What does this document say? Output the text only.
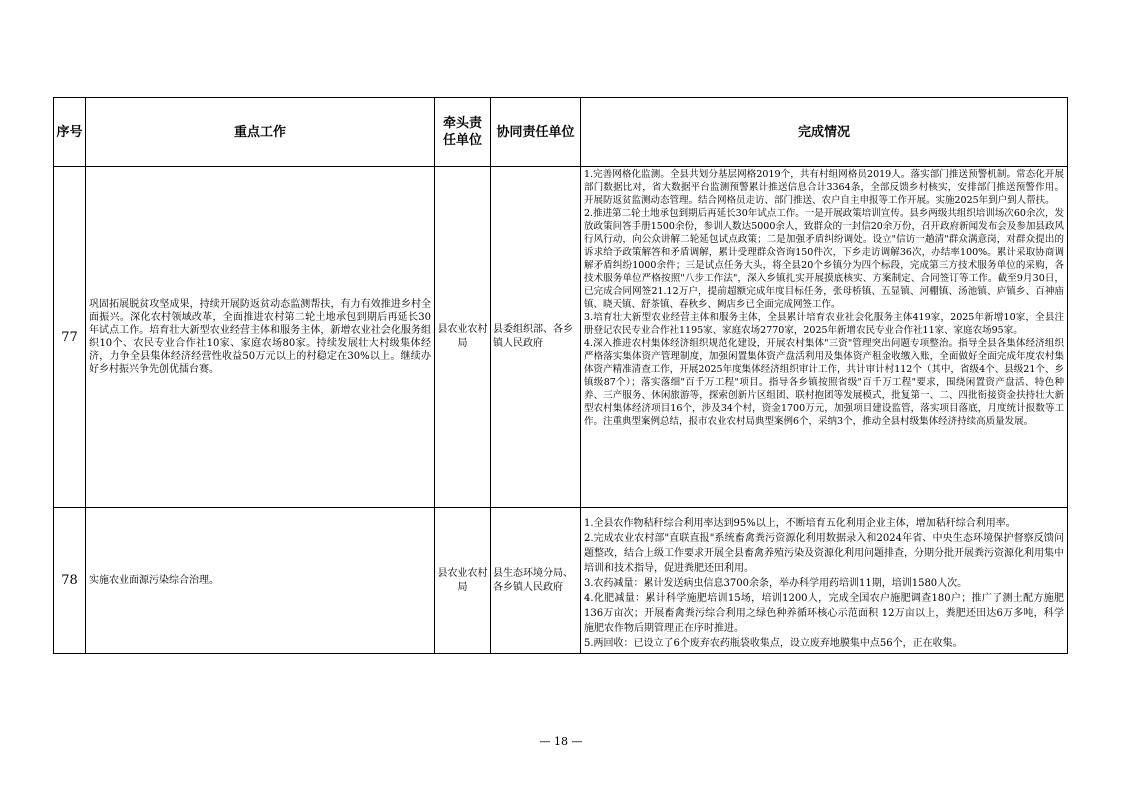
序号	重点工作	牵头责任单位	协同责任单位	完成情况
77	巩固拓展脱贫攻坚成果，持续开展防返贫动态监测帮扶，有力有效推进乡村全面振兴。深化农村领域改革，全面推进农村第二轮土地承包到期后再延长30年试点工作。培育壮大新型农业经营主体和服务主体，新增农业社会化服务组织10个、农民专业合作社10家、家庭农场80家。持续发展壮大村级集体经济，力争全县集体经济经营性收益50万元以上的村稳定在30%以上。继续办好乡村振兴争先创优擂台赛。	县农业农村局	县委组织部、各乡镇人民政府	1.完善网格化监测。全县共划分基层网格2019个，共有村组网格员2019人。落实部门推送预警机制。常态化开展部门数据比对，省大数据平台监测预警累计推送信息合计3364条，全部反馈乡村核实，安排部门推送预警作用。开展防返贫监测动态管理。结合网格员走访、部门推送、农户自主申报等工作开展。实施2025年到户到人帮扶。

2.推进第二轮土地承包到期后再延长30年试点工作。一是开展政策培训宣传。县乡两级共组织培训场次60余次，发放政策问答手册1500余份，参训人数达5000余人，致群众的一封信20余万份，召开政府新闻发布会及参加县政风行风行动，向公众讲解二轮延包试点政策；二是加强矛盾纠纷调处。设立"信访一趟清"群众满意岗，对群众提出的诉求给予政策解答和矛盾调解，累计受理群众咨询150件次，下乡走访调解36次，办结率100%。累计采取协商调解矛盾纠纷1000余件；三是试点任务大头，将全县20个乡镇分为四个标段，完成第三方技术服务单位的采购，各技术服务单位严格按照"八步工作法"，深入乡镇扎实开展摸底核实、方案制定、合同签订等工作。截至9月30日，已完成合同网签21.12万户，提前超额完成年度目标任务，张母桥镇、五显镇、河棚镇、汤池镇、庐镇乡、百神庙镇、晓天镇、舒茶镇、春秋乡、阙店乡已全面完成网签工作。

3.培育壮大新型农业经营主体和服务主体，全县累计培育农业社会化服务主体419家，2025年新增10家，全县注册登记农民专业合作社1195家、家庭农场2770家，2025年新增农民专业合作社11家、家庭农场95家。

4.深入推进农村集体经济组织规范化建设，开展农村集体"三资"管理突出问题专项整治。指导全县各集体经济组织严格落实集体资产管理制度，加强闲置集体资产盘活利用及集体资产租金收缴入账，全面做好全面完成年度农村集体资产精准清查工作，开展2025年度集体经济组织审计工作，共计审计村112个（其中，省级4个、县级21个、乡镇级87个）；落实落细"百千万工程"项目。指导各乡镇按照省级"百千万工程"要求，围绕闲置资产盘活、特色种养、三产服务、休闲旅游等，探索创新片区组团、联村抱团等发展模式，批复第一、二、四批衔接资金扶持壮大新型农村集体经济项目16个，涉及34个村，资金1700万元，加强项目建设监管，落实项目落底，月度统计报数等工作。注重典型案例总结，报市农业农村局典型案例6个，采纳3个，推动全县村级集体经济持续高质量发展。

78	实施农业面源污染综合治理。	县农业农村局	县生态环境分局、各乡镇人民政府	1.全县农作物秸秆综合利用率达到95%以上，不断培育五化利用企业主体，增加秸秆综合利用率。

2.完成农业农村部"直联直报"系统畜禽粪污资源化利用数据录入和2024年省、中央生态环境保护督察反馈问题整改，结合上级工作要求开展全县畜禽养殖污染及资源化利用问题排查，分期分批开展粪污资源化利用集中培训和技术指导，促进粪肥还田利用。

3.农药减量：累计发送病虫信息3700余条，举办科学用药培训11期，培训1580人次。

4.化肥减量：累计科学施肥培训15场，培训1200人，完成全国农户施肥调查180户；推广了测土配方施肥136万亩次；开展畜禽粪污综合利用之绿色种养循环核心示范面积 12万亩以上，粪肥还田达6万多吨，科学施肥农作物后期管理正在序时推进。

5.两回收：已设立了6个废弃农药瓶袋收集点，设立废弃地膜集中点56个，正在收集。

— 18 —
